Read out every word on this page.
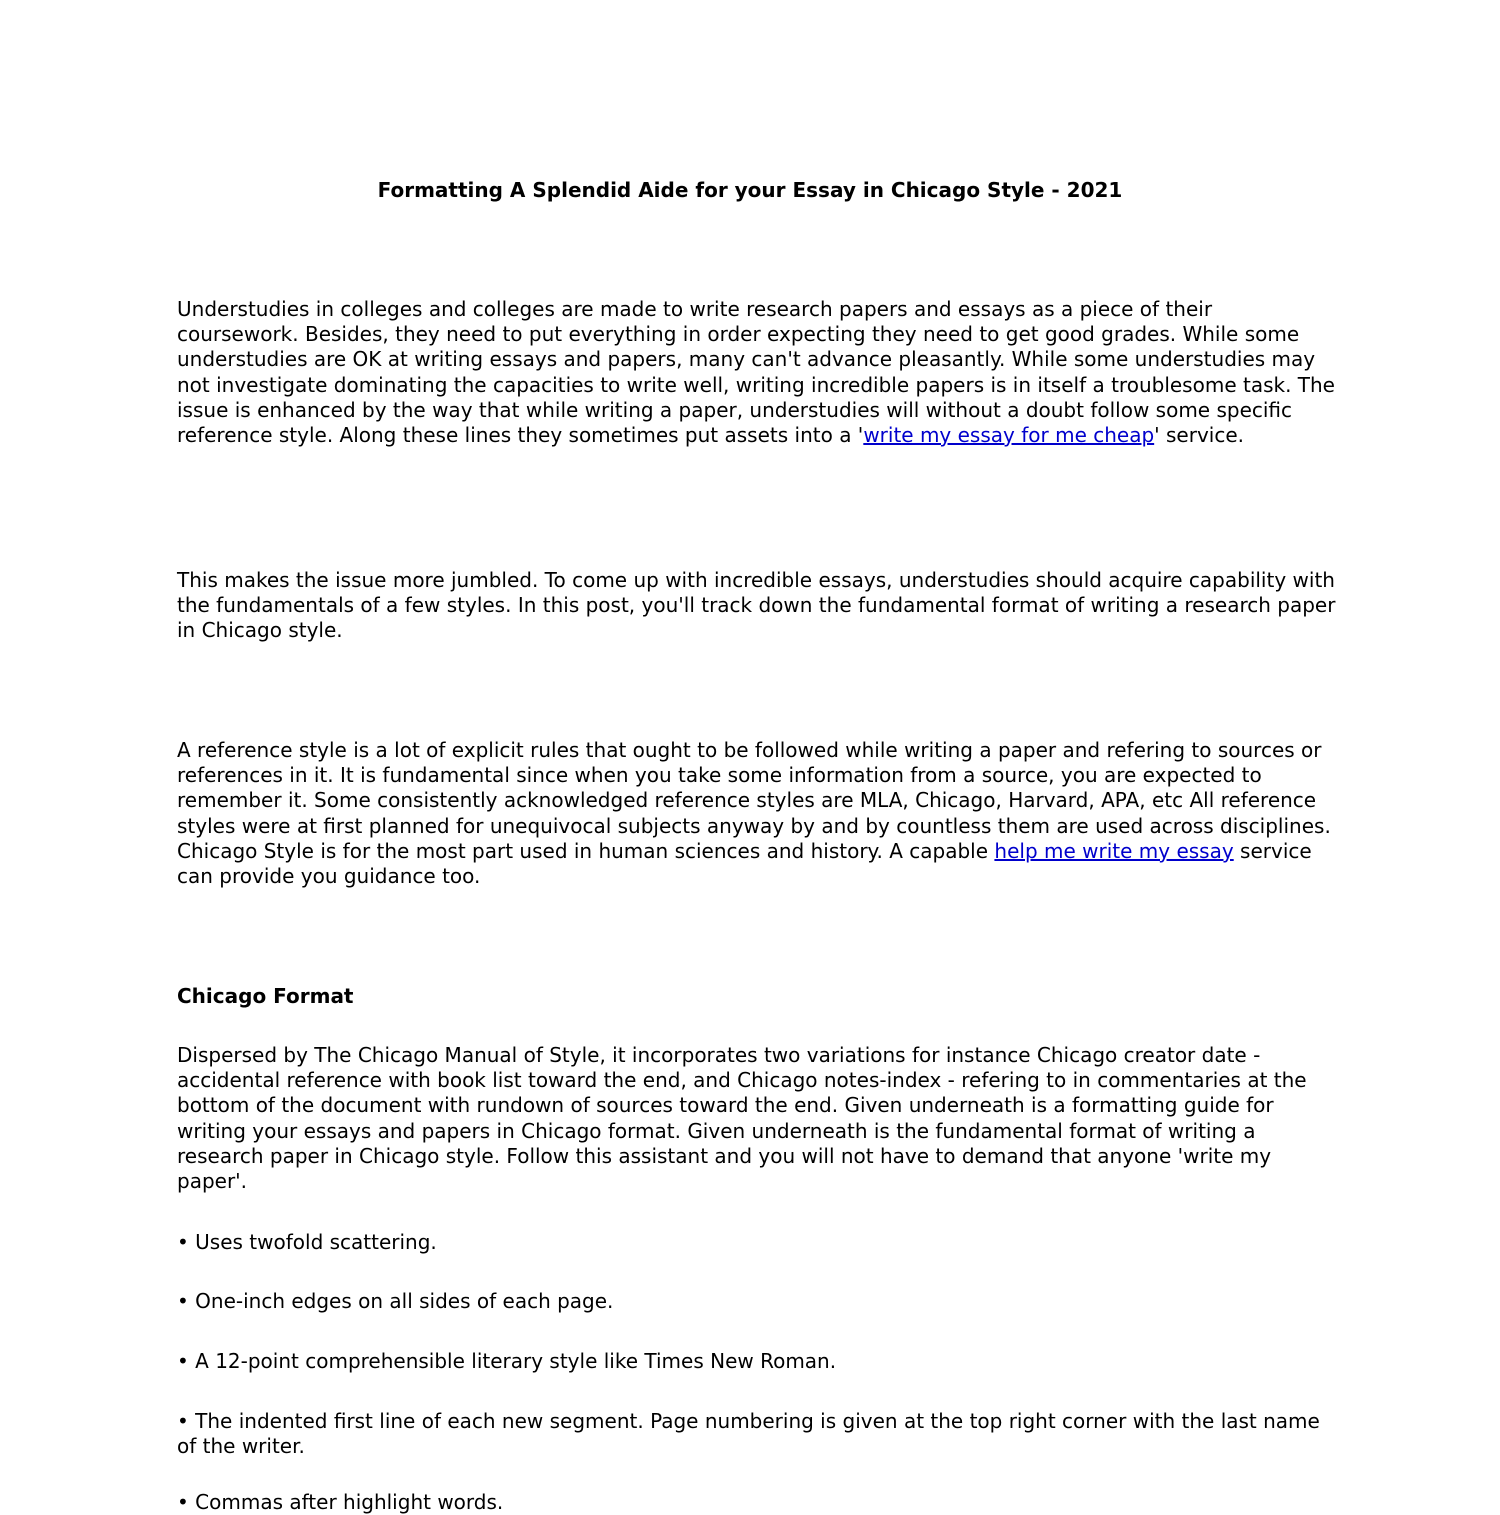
Formatting A Splendid Aide for your Essay in Chicago Style - 2021

Understudies in colleges and colleges are made to write research papers and essays as a piece of their coursework. Besides, they need to put everything in order expecting they need to get good grades. While some understudies are OK at writing essays and papers, many can't advance pleasantly. While some understudies may not investigate dominating the capacities to write well, writing incredible papers is in itself a troublesome task. The issue is enhanced by the way that while writing a paper, understudies will without a doubt follow some specific reference style. Along these lines they sometimes put assets into a 'write my essay for me cheap' service.

This makes the issue more jumbled. To come up with incredible essays, understudies should acquire capability with the fundamentals of a few styles. In this post, you'll track down the fundamental format of writing a research paper in Chicago style.

A reference style is a lot of explicit rules that ought to be followed while writing a paper and refering to sources or references in it. It is fundamental since when you take some information from a source, you are expected to remember it. Some consistently acknowledged reference styles are MLA, Chicago, Harvard, APA, etc All reference styles were at first planned for unequivocal subjects anyway by and by countless them are used across disciplines. Chicago Style is for the most part used in human sciences and history. A capable help me write my essay service can provide you guidance too.

Chicago Format

Dispersed by The Chicago Manual of Style, it incorporates two variations for instance Chicago creator date - accidental reference with book list toward the end, and Chicago notes-index - refering to in commentaries at the bottom of the document with rundown of sources toward the end. Given underneath is a formatting guide for writing your essays and papers in Chicago format. Given underneath is the fundamental format of writing a research paper in Chicago style. Follow this assistant and you will not have to demand that anyone 'write my paper'.

• Uses twofold scattering.

• One-inch edges on all sides of each page.

• A 12-point comprehensible literary style like Times New Roman.

• The indented first line of each new segment. Page numbering is given at the top right corner with the last name of the writer.

• Commas after highlight words.
